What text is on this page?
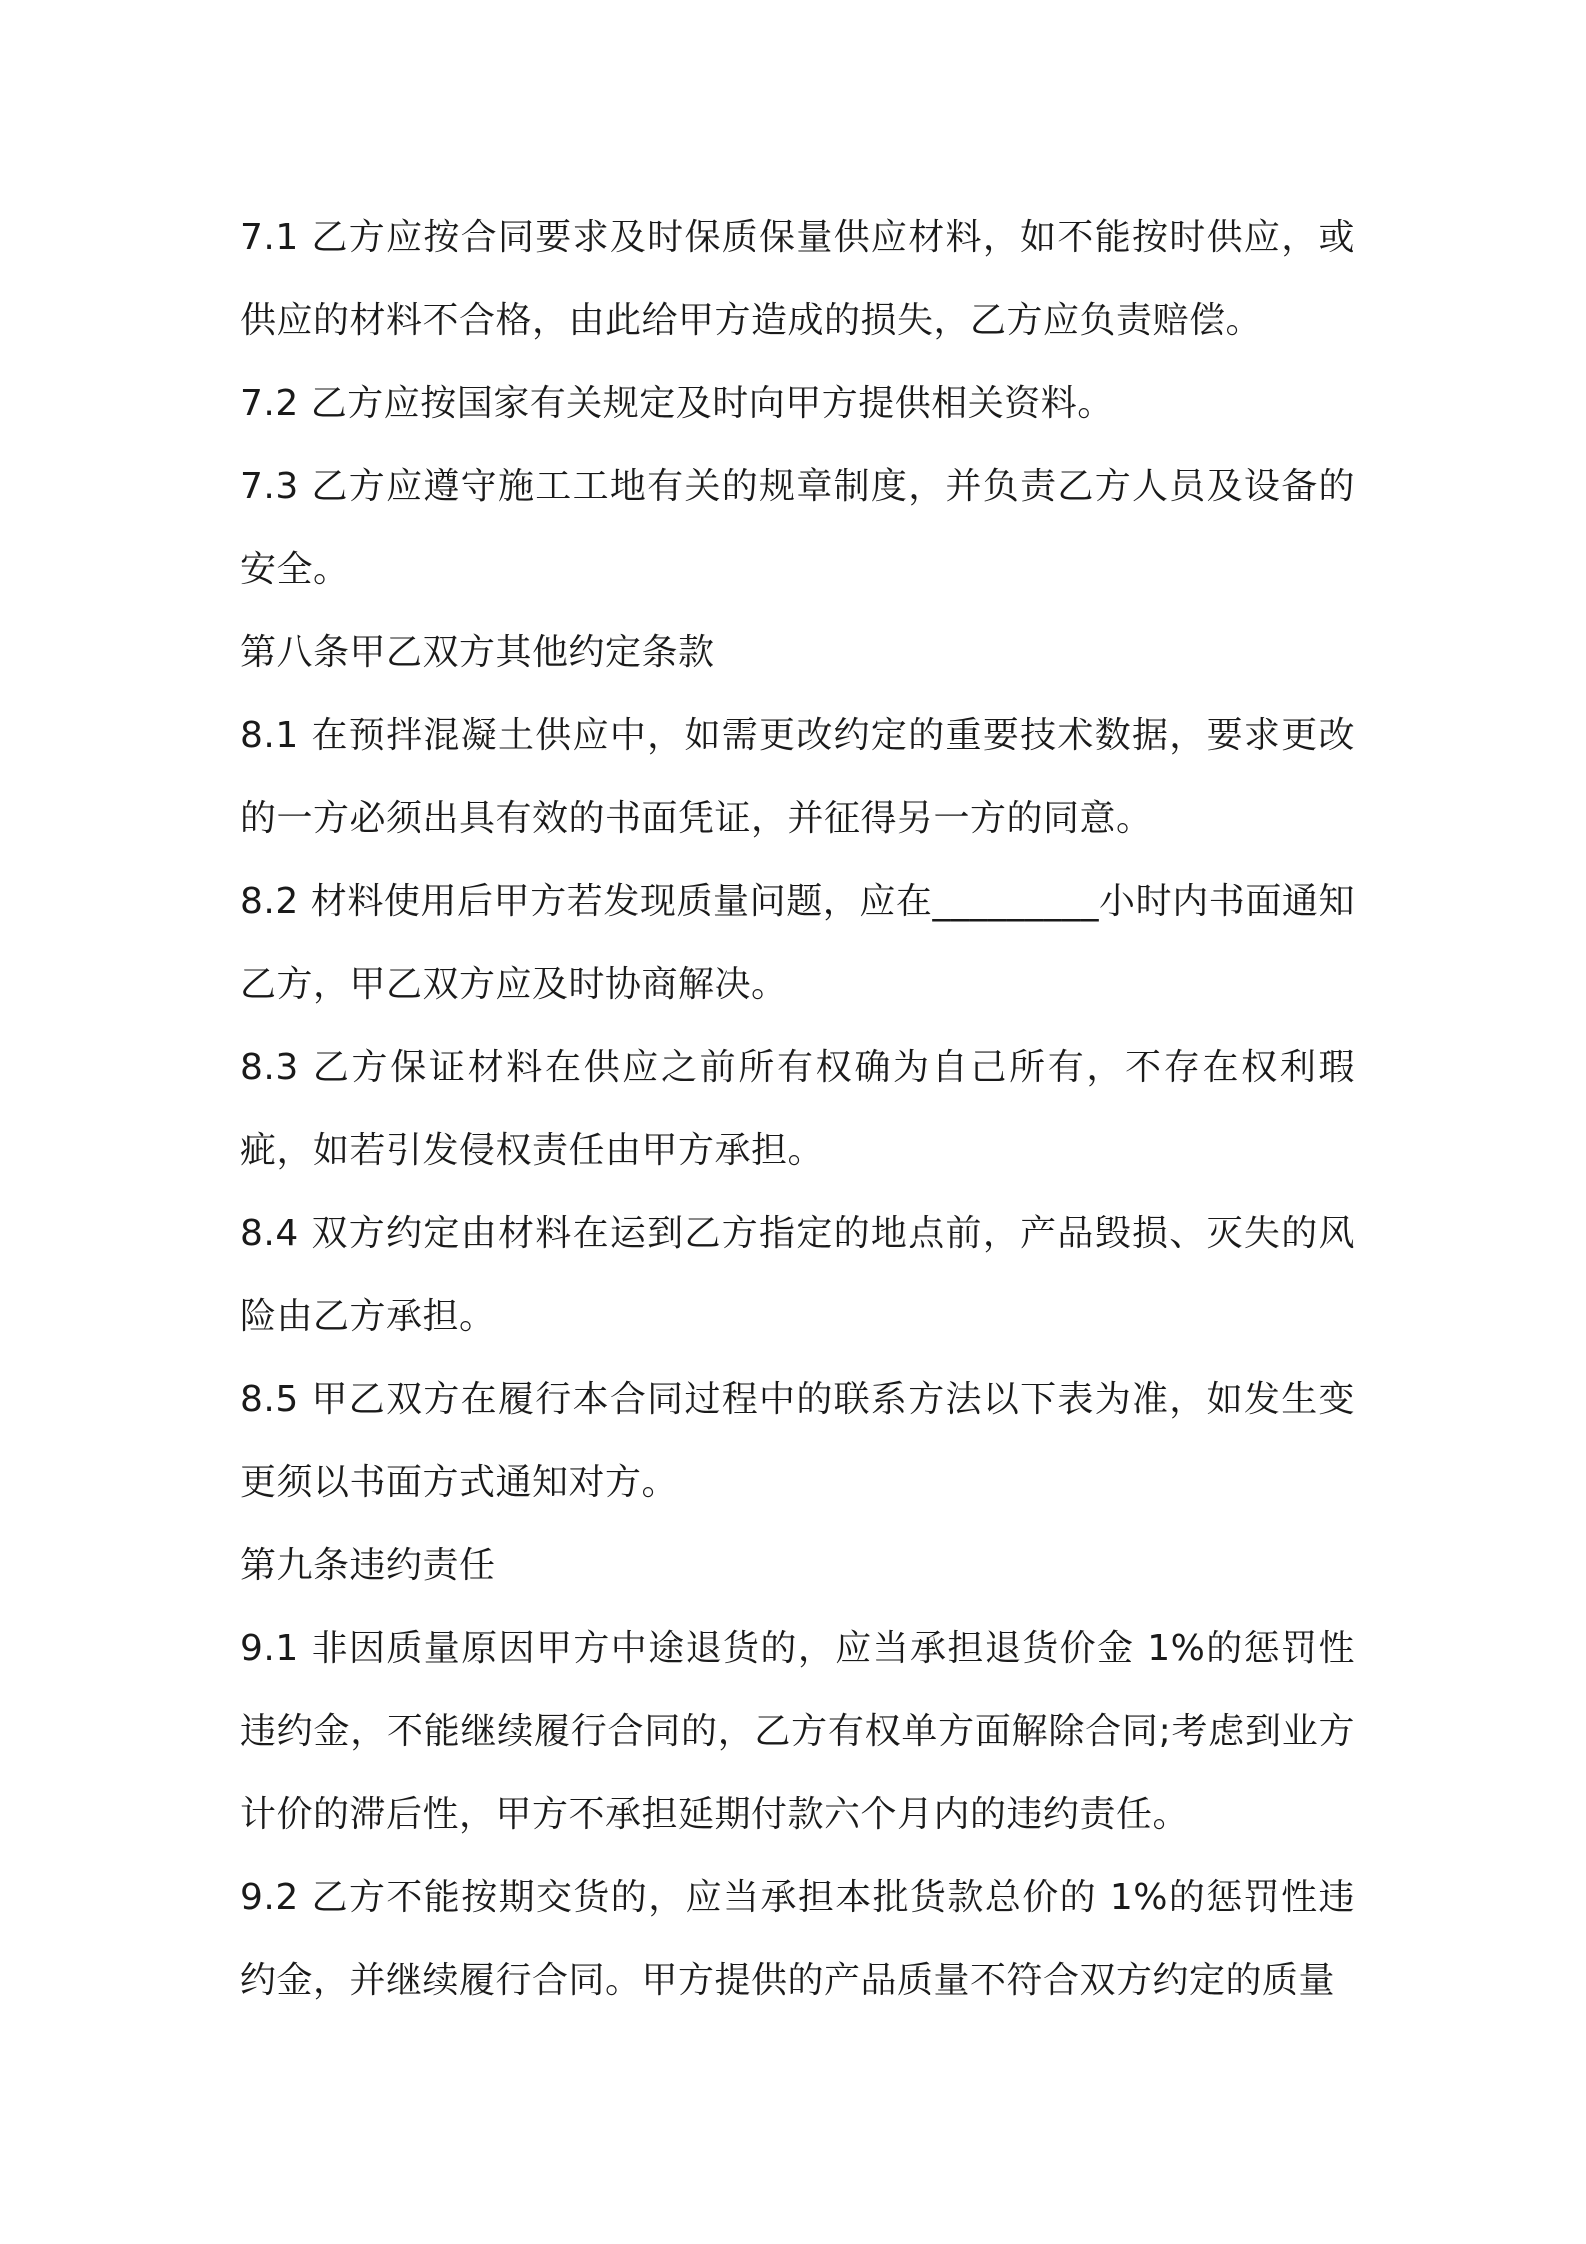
7.1 乙方应按合同要求及时保质保量供应材料，如不能按时供应，或供应的材料不合格，由此给甲方造成的损失，乙方应负责赔偿。

7.2 乙方应按国家有关规定及时向甲方提供相关资料。

7.3 乙方应遵守施工工地有关的规章制度，并负责乙方人员及设备的安全。

第八条甲乙双方其他约定条款

8.1 在预拌混凝土供应中，如需更改约定的重要技术数据，要求更改的一方必须出具有效的书面凭证，并征得另一方的同意。

8.2 材料使用后甲方若发现质量问题，应在_________小时内书面通知乙方，甲乙双方应及时协商解决。

8.3 乙方保证材料在供应之前所有权确为自己所有，不存在权利瑕疵，如若引发侵权责任由甲方承担。

8.4 双方约定由材料在运到乙方指定的地点前，产品毁损、灭失的风险由乙方承担。

8.5 甲乙双方在履行本合同过程中的联系方法以下表为准，如发生变更须以书面方式通知对方。

第九条违约责任

9.1 非因质量原因甲方中途退货的，应当承担退货价金 1%的惩罚性违约金，不能继续履行合同的，乙方有权单方面解除合同;考虑到业方计价的滞后性，甲方不承担延期付款六个月内的违约责任。

9.2 乙方不能按期交货的，应当承担本批货款总价的 1%的惩罚性违约金，并继续履行合同。甲方提供的产品质量不符合双方约定的质量
